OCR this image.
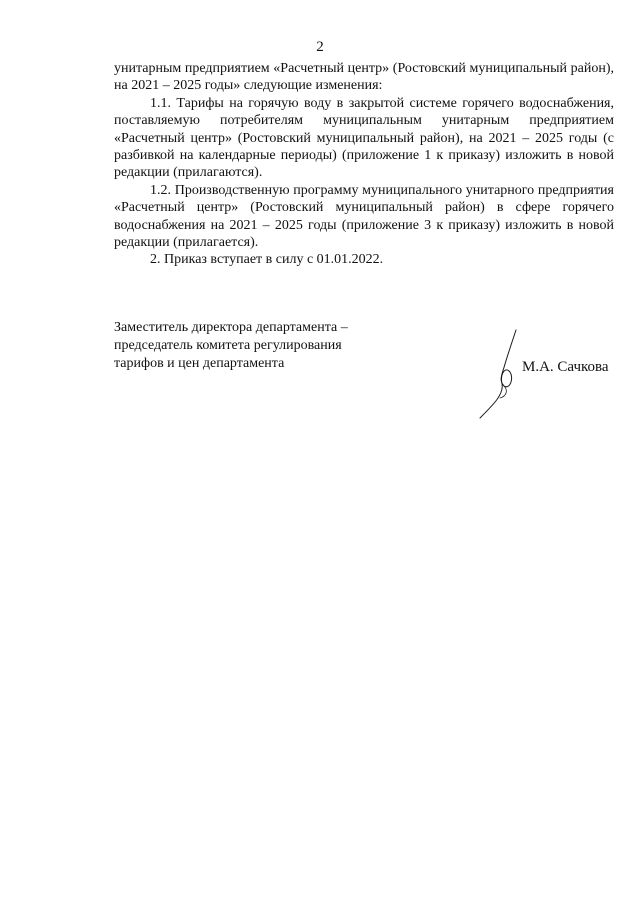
2

унитарным предприятием «Расчетный центр» (Ростовский муниципальный район), на 2021 – 2025 годы» следующие изменения:

1.1. Тарифы на горячую воду в закрытой системе горячего водоснабжения, поставляемую потребителям муниципальным унитарным предприятием «Расчетный центр» (Ростовский муниципальный район), на 2021 – 2025 годы (с разбивкой на календарные периоды) (приложение 1 к приказу) изложить в новой редакции (прилагаются).

1.2. Производственную программу муниципального унитарного предприятия «Расчетный центр» (Ростовский муниципальный район) в сфере горячего водоснабжения на 2021 – 2025 годы (приложение 3 к приказу) изложить в новой редакции (прилагается).

2. Приказ вступает в силу с 01.01.2022.

Заместитель директора департамента –
председатель комитета регулирования
тарифов и цен департамента	М.А. Сачкова
